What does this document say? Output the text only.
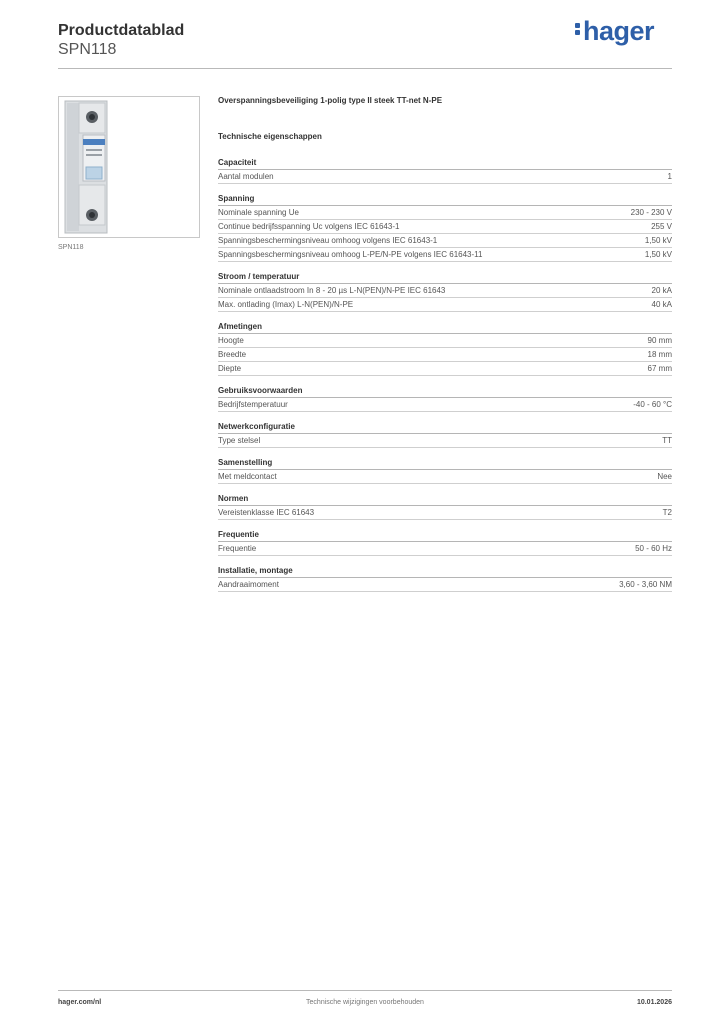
Productdatablad
SPN118
hager
SPN118
Overspanningsbeveiliging 1-polig type II steek TT-net N-PE
Technische eigenschappen
Capaciteit
Aantal modulen	1
Spanning
Nominale spanning Ue	230 - 230 V
Continue bedrijfsspanning Uc volgens IEC 61643-1	255 V
Spanningsbeschermingsniveau omhoog volgens IEC 61643-1	1,50 kV
Spanningsbeschermingsniveau omhoog L-PE/N-PE volgens IEC 61643-11	1,50 kV
Stroom / temperatuur
Nominale ontlaadstroom In 8 - 20 µs L-N(PEN)/N-PE IEC 61643	20 kA
Max. ontlading (Imax) L-N(PEN)/N-PE	40 kA
Afmetingen
Hoogte	90 mm
Breedte	18 mm
Diepte	67 mm
Gebruiksvoorwaarden
Bedrijfstemperatuur	-40 - 60 °C
Netwerkconfiguratie
Type stelsel	TT
Samenstelling
Met meldcontact	Nee
Normen
Vereistenklasse IEC 61643	T2
Frequentie
Frequentie	50 - 60 Hz
Installatie, montage
Aandraaimoment	3,60 - 3,60 NM
hager.com/nl	Technische wijzigingen voorbehouden	10.01.2026
